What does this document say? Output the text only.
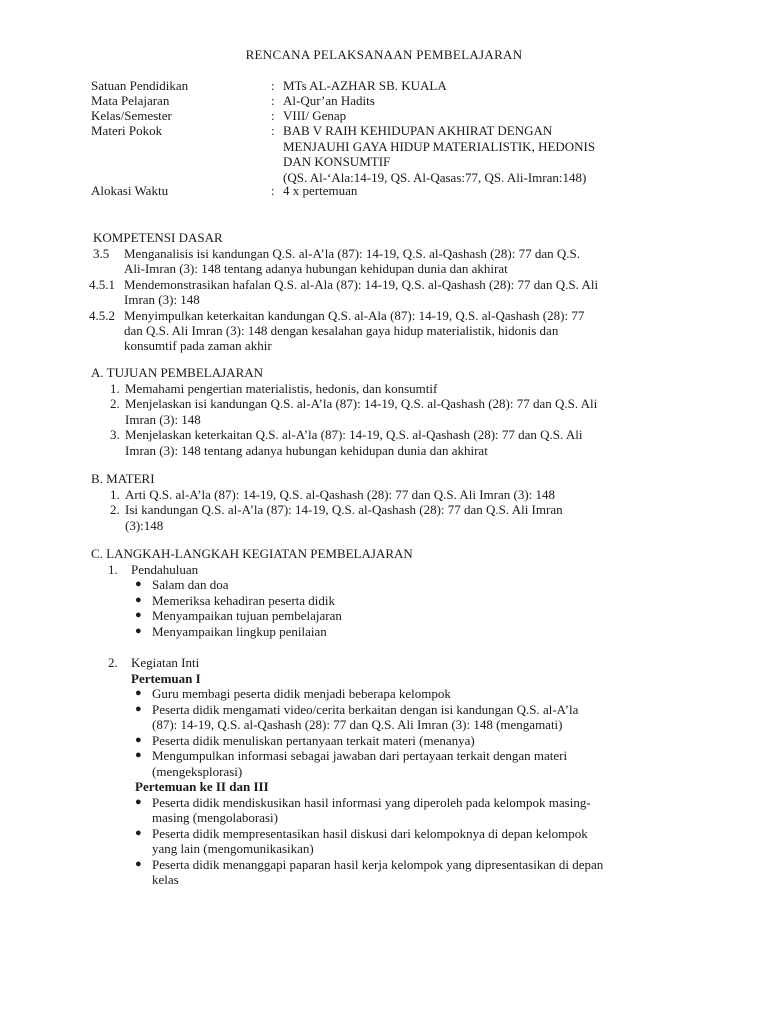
RENCANA PELAKSANAAN PEMBELAJARAN
Satuan Pendidikan	: MTs AL-AZHAR SB. KUALA
Mata Pelajaran	: Al-Qur’an Hadits
Kelas/Semester	: VIII/ Genap
Materi Pokok	: BAB V RAIH KEHIDUPAN AKHIRAT DENGAN
MENJAUHI GAYA HIDUP MATERIALISTIK, HEDONIS
DAN KONSUMTIF
(QS. Al-‘Ala:14-19, QS. Al-Qasas:77, QS. Ali-Imran:148)
Alokasi Waktu	: 4 x pertemuan
KOMPETENSI DASAR
3.5 Menganalisis isi kandungan Q.S. al-A’la (87): 14-19, Q.S. al-Qashash (28): 77 dan Q.S.
Ali-Imran (3): 148 tentang adanya hubungan kehidupan dunia dan akhirat
4.5.1 Mendemonstrasikan hafalan Q.S. al-Ala (87): 14-19, Q.S. al-Qashash (28): 77 dan Q.S. Ali
Imran (3): 148
4.5.2 Menyimpulkan keterkaitan kandungan Q.S. al-Ala (87): 14-19, Q.S. al-Qashash (28): 77
dan Q.S. Ali Imran (3): 148 dengan kesalahan gaya hidup materialistik, hidonis dan
konsumtif pada zaman akhir
A. TUJUAN PEMBELAJARAN
1. Memahami pengertian materialistis, hedonis, dan konsumtif
2. Menjelaskan isi kandungan Q.S. al-A’la (87): 14-19, Q.S. al-Qashash (28): 77 dan Q.S. Ali
Imran (3): 148
3. Menjelaskan keterkaitan Q.S. al-A’la (87): 14-19, Q.S. al-Qashash (28): 77 dan Q.S. Ali
Imran (3): 148 tentang adanya hubungan kehidupan dunia dan akhirat
B. MATERI
1. Arti Q.S. al-A’la (87): 14-19, Q.S. al-Qashash (28): 77 dan Q.S. Ali Imran (3): 148
2. Isi kandungan Q.S. al-A’la (87): 14-19, Q.S. al-Qashash (28): 77 dan Q.S. Ali Imran
(3):148
C. LANGKAH-LANGKAH KEGIATAN PEMBELAJARAN
1. Pendahuluan
● Salam dan doa
● Memeriksa kehadiran peserta didik
● Menyampaikan tujuan pembelajaran
● Menyampaikan lingkup penilaian
2. Kegiatan Inti
Pertemuan I
● Guru membagi peserta didik menjadi beberapa kelompok
● Peserta didik mengamati video/cerita berkaitan dengan isi kandungan Q.S. al-A’la
(87): 14-19, Q.S. al-Qashash (28): 77 dan Q.S. Ali Imran (3): 148 (mengamati)
● Peserta didik menuliskan pertanyaan terkait materi (menanya)
● Mengumpulkan informasi sebagai jawaban dari pertayaan terkait dengan materi
(mengeksplorasi)
Pertemuan ke II dan III
● Peserta didik mendiskusikan hasil informasi yang diperoleh pada kelompok masing-
masing (mengolaborasi)
● Peserta didik mempresentasikan hasil diskusi dari kelompoknya di depan kelompok
yang lain (mengomunikasikan)
● Peserta didik menanggapi paparan hasil kerja kelompok yang dipresentasikan di depan
kelas
